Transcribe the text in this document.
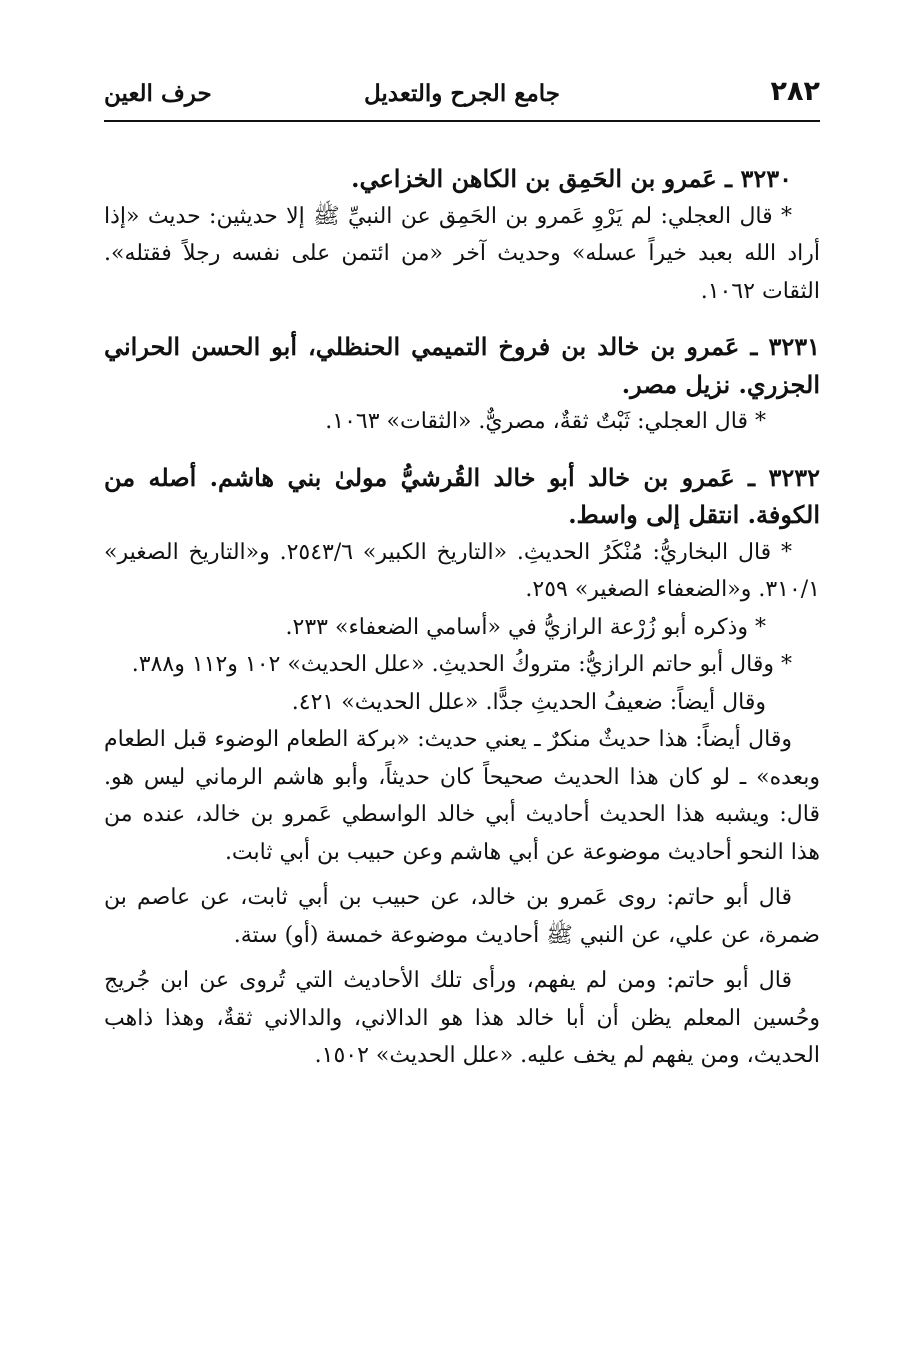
٢٨٢
جامع الجرح والتعديل
حرف العين

٣٢٣٠ ـ عَمرو بن الحَمِق بن الكاهن الخزاعي.

* قال العجلي: لم يَرْوِ عَمرو بن الحَمِق عن النبيِّ ﷺ إلا حديثين: حديث «إذا أراد الله بعبد خيراً عسله» وحديث آخر «من ائتمن على نفسه رجلاً فقتله». الثقات ١٠٦٢.

٣٢٣١ ـ عَمرو بن خالد بن فروخ التميمي الحنظلي، أبو الحسن الحراني الجزري. نزيل مصر.

* قال العجلي: ثَبْتٌ ثقةٌ، مصريٌّ. «الثقات» ١٠٦٣.

٣٢٣٢ ـ عَمرو بن خالد أبو خالد القُرشيُّ مولىٰ بني هاشم. أصله من الكوفة. انتقل إلى واسط.

* قال البخاريُّ: مُنْكَرُ الحديثِ. «التاريخ الكبير» ٢٥٤٣/٦. و«التاريخ الصغير» ٣١٠/١. و«الضعفاء الصغير» ٢٥٩.

* وذكره أبو زُرْعة الرازيُّ في «أسامي الضعفاء» ٢٣٣.

* وقال أبو حاتم الرازيُّ: متروكُ الحديثِ. «علل الحديث» ١٠٢ و١١٢ و٣٨٨.

وقال أيضاً: ضعيفُ الحديثِ جدًّا. «علل الحديث» ٤٢١.

وقال أيضاً: هذا حديثٌ منكرٌ ـ يعني حديث: «بركة الطعام الوضوء قبل الطعام وبعده» ـ لو كان هذا الحديث صحيحاً كان حديثاً، وأبو هاشم الرماني ليس هو. قال: ويشبه هذا الحديث أحاديث أبي خالد الواسطي عَمرو بن خالد، عنده من هذا النحو أحاديث موضوعة عن أبي هاشم وعن حبيب بن أبي ثابت.

قال أبو حاتم: روى عَمرو بن خالد، عن حبيب بن أبي ثابت، عن عاصم بن ضمرة، عن علي، عن النبي ﷺ أحاديث موضوعة خمسة (أو) ستة.

قال أبو حاتم: ومن لم يفهم، ورأى تلك الأحاديث التي تُروى عن ابن جُريج وحُسين المعلم يظن أن أبا خالد هذا هو الدالاني، والدالاني ثقةٌ، وهذا ذاهب الحديث، ومن يفهم لم يخف عليه. «علل الحديث» ١٥٠٢.
